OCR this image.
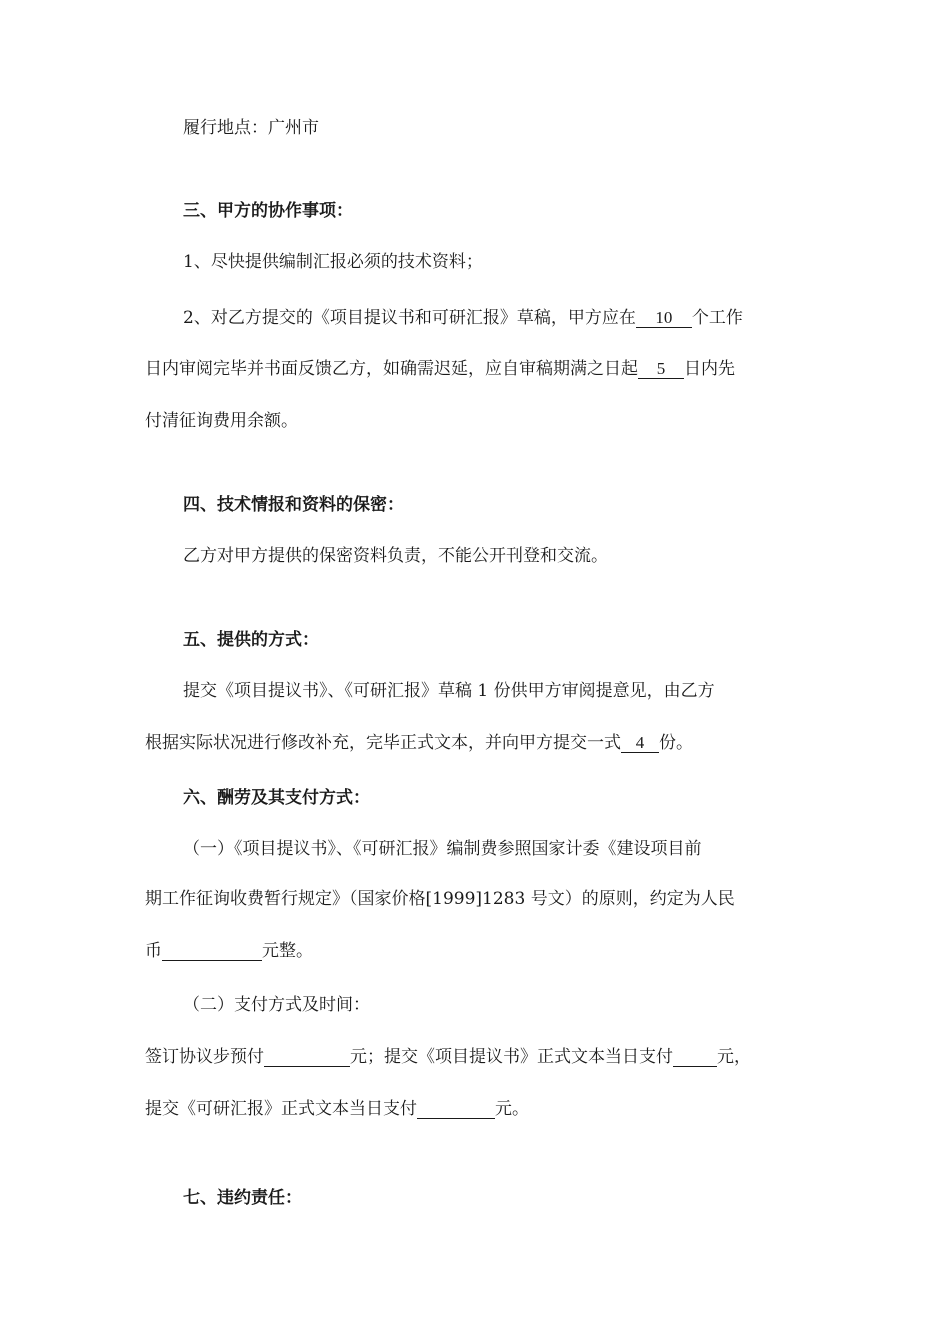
履行地点：广州市
三、甲方的协作事项：
1、尽快提供编制汇报必须的技术资料；
2、对乙方提交的《项目提议书和可研汇报》草稿，甲方应在 10 个工作
日内审阅完毕并书面反馈乙方，如确需迟延，应自审稿期满之日起 5 日内先
付清征询费用余额。
四、技术情报和资料的保密：
乙方对甲方提供的保密资料负责，不能公开刊登和交流。
五、提供的方式：
提交《项目提议书》、《可研汇报》草稿 1 份供甲方审阅提意见，由乙方
根据实际状况进行修改补充，完毕正式文本，并向甲方提交一式 4 份。
六、酬劳及其支付方式：
（一）《项目提议书》、《可研汇报》编制费参照国家计委《建设项目前
期工作征询收费暂行规定》（国家价格[1999]1283 号文）的原则，约定为人民
币	元整。
（二）支付方式及时间：
签订协议步预付	元；提交《项目提议书》正式文本当日支付	元，
提交《可研汇报》正式文本当日支付	元。
七、违约责任：
